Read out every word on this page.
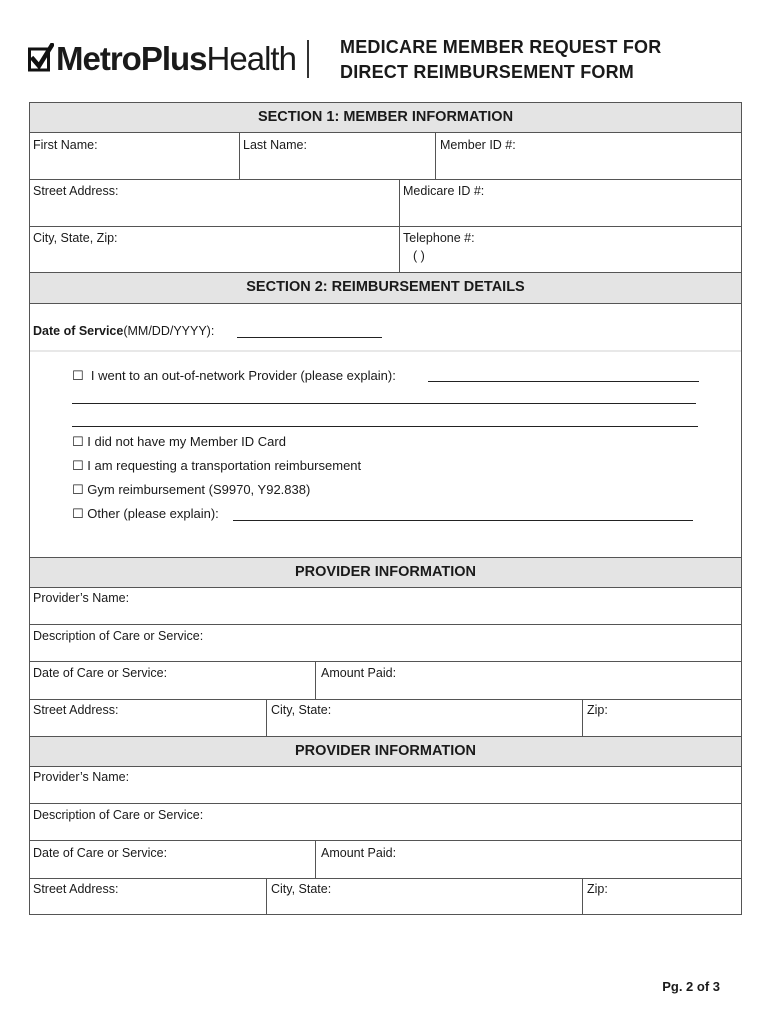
MetroPlusHealth MEDICARE MEMBER REQUEST FOR
DIRECT REIMBURSEMENT FORM
SECTION 1: MEMBER INFORMATION
First Name:	Last Name:	Member ID #:
Street Address:	Medicare ID #:
City, State, Zip:	Telephone #:
( )
SECTION 2: REIMBURSEMENT DETAILS
Date of Service(MM/DD/YYYY):
☐ I went to an out-of-network Provider (please explain):
☐ I did not have my Member ID Card
☐ I am requesting a transportation reimbursement
☐ Gym reimbursement (S9970, Y92.838)
☐ Other (please explain):
PROVIDER INFORMATION
Provider’s Name:
Description of Care or Service:
Date of Care or Service:	Amount Paid:
Street Address:	City, State:	Zip:
PROVIDER INFORMATION
Provider’s Name:
Description of Care or Service:
Date of Care or Service:	Amount Paid:
Street Address:	City, State:	Zip:
Pg. 2 of 3
